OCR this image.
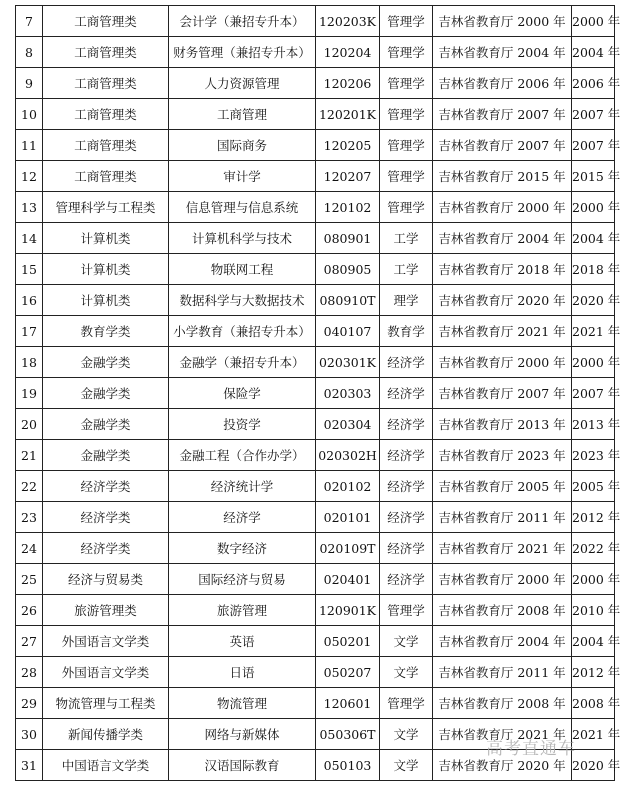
7	工商管理类	会计学（兼招专升本）	120203K	管理学	吉林省教育厅 2000 年	2000 年
8	工商管理类	财务管理（兼招专升本）	120204	管理学	吉林省教育厅 2004 年	2004 年
9	工商管理类	人力资源管理	120206	管理学	吉林省教育厅 2006 年	2006 年
10	工商管理类	工商管理	120201K	管理学	吉林省教育厅 2007 年	2007 年
11	工商管理类	国际商务	120205	管理学	吉林省教育厅 2007 年	2007 年
12	工商管理类	审计学	120207	管理学	吉林省教育厅 2015 年	2015 年
13	管理科学与工程类	信息管理与信息系统	120102	管理学	吉林省教育厅 2000 年	2000 年
14	计算机类	计算机科学与技术	080901	工学	吉林省教育厅 2004 年	2004 年
15	计算机类	物联网工程	080905	工学	吉林省教育厅 2018 年	2018 年
16	计算机类	数据科学与大数据技术	080910T	理学	吉林省教育厅 2020 年	2020 年
17	教育学类	小学教育（兼招专升本）	040107	教育学	吉林省教育厅 2021 年	2021 年
18	金融学类	金融学（兼招专升本）	020301K	经济学	吉林省教育厅 2000 年	2000 年
19	金融学类	保险学	020303	经济学	吉林省教育厅 2007 年	2007 年
20	金融学类	投资学	020304	经济学	吉林省教育厅 2013 年	2013 年
21	金融学类	金融工程（合作办学）	020302H	经济学	吉林省教育厅 2023 年	2023 年
22	经济学类	经济统计学	020102	经济学	吉林省教育厅 2005 年	2005 年
23	经济学类	经济学	020101	经济学	吉林省教育厅 2011 年	2012 年
24	经济学类	数字经济	020109T	经济学	吉林省教育厅 2021 年	2022 年
25	经济与贸易类	国际经济与贸易	020401	经济学	吉林省教育厅 2000 年	2000 年
26	旅游管理类	旅游管理	120901K	管理学	吉林省教育厅 2008 年	2010 年
27	外国语言文学类	英语	050201	文学	吉林省教育厅 2004 年	2004 年
28	外国语言文学类	日语	050207	文学	吉林省教育厅 2011 年	2012 年
29	物流管理与工程类	物流管理	120601	管理学	吉林省教育厅 2008 年	2008 年
30	新闻传播学类	网络与新媒体	050306T	文学	吉林省教育厅 2021 年	2021 年
31	中国语言文学类	汉语国际教育	050103	文学	吉林省教育厅 2020 年	2020 年
高考直通车
